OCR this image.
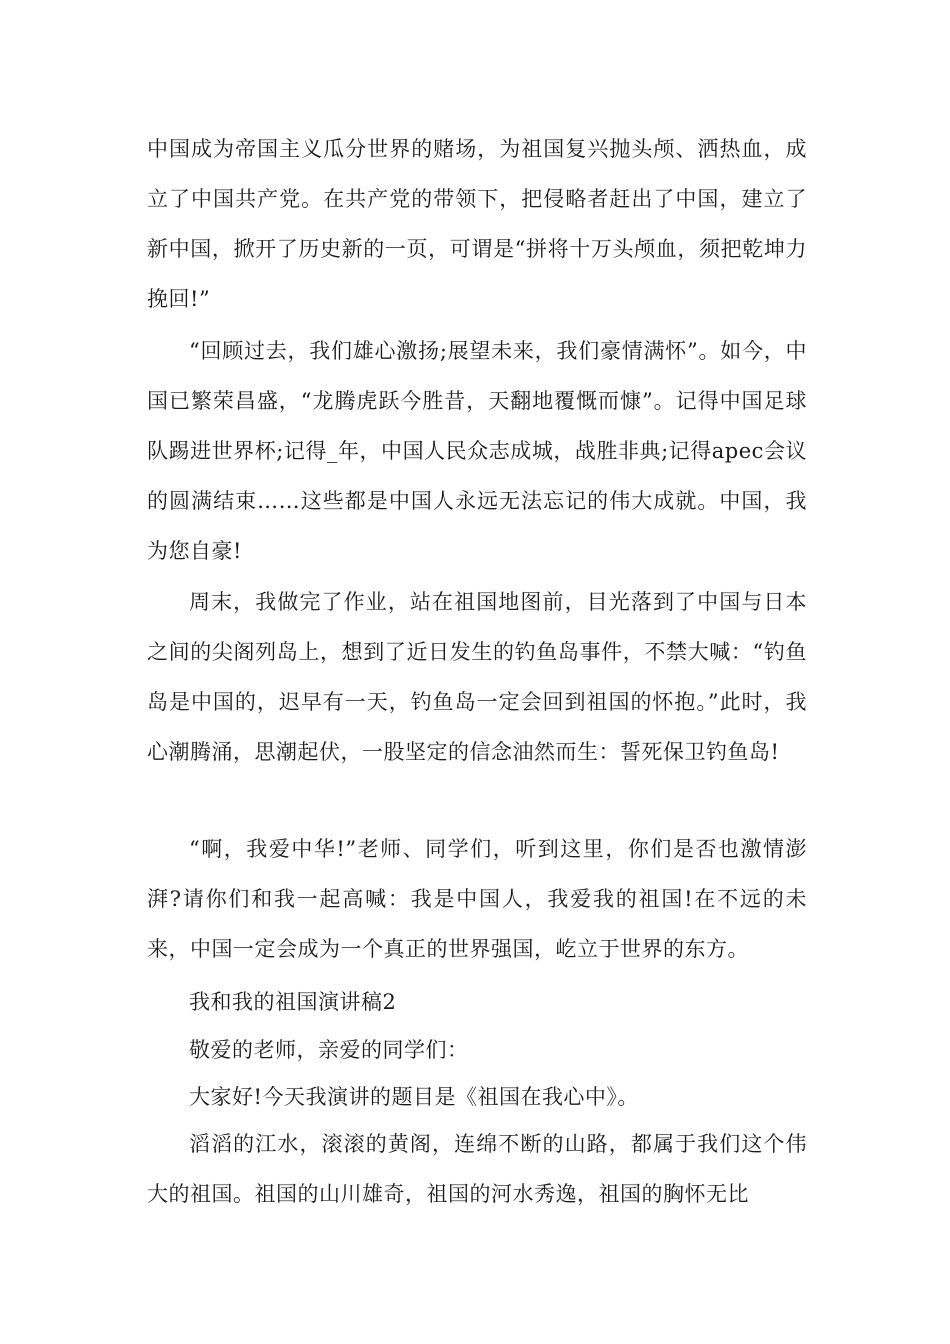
中国成为帝国主义瓜分世界的赌场，为祖国复兴抛头颅、洒热血，成立了中国共产党。在共产党的带领下，把侵略者赶出了中国，建立了新中国，掀开了历史新的一页，可谓是“拼将十万头颅血，须把乾坤力挽回!”

“回顾过去，我们雄心激扬;展望未来，我们豪情满怀”。如今，中国已繁荣昌盛，“龙腾虎跃今胜昔，天翻地覆慨而慷”。记得中国足球队踢进世界杯;记得_年，中国人民众志成城，战胜非典;记得apec会议的圆满结束……这些都是中国人永远无法忘记的伟大成就。中国，我为您自豪!

周末，我做完了作业，站在祖国地图前，目光落到了中国与日本之间的尖阁列岛上，想到了近日发生的钓鱼岛事件，不禁大喊：“钓鱼岛是中国的，迟早有一天，钓鱼岛一定会回到祖国的怀抱。”此时，我心潮腾涌，思潮起伏，一股坚定的信念油然而生：誓死保卫钓鱼岛!

“啊，我爱中华!”老师、同学们，听到这里，你们是否也激情澎湃?请你们和我一起高喊：我是中国人，我爱我的祖国!在不远的未来，中国一定会成为一个真正的世界强国，屹立于世界的东方。

我和我的祖国演讲稿2

敬爱的老师，亲爱的同学们：

大家好!今天我演讲的题目是《祖国在我心中》。

滔滔的江水，滚滚的黄阁，连绵不断的山路，都属于我们这个伟大的祖国。祖国的山川雄奇，祖国的河水秀逸，祖国的胸怀无比
